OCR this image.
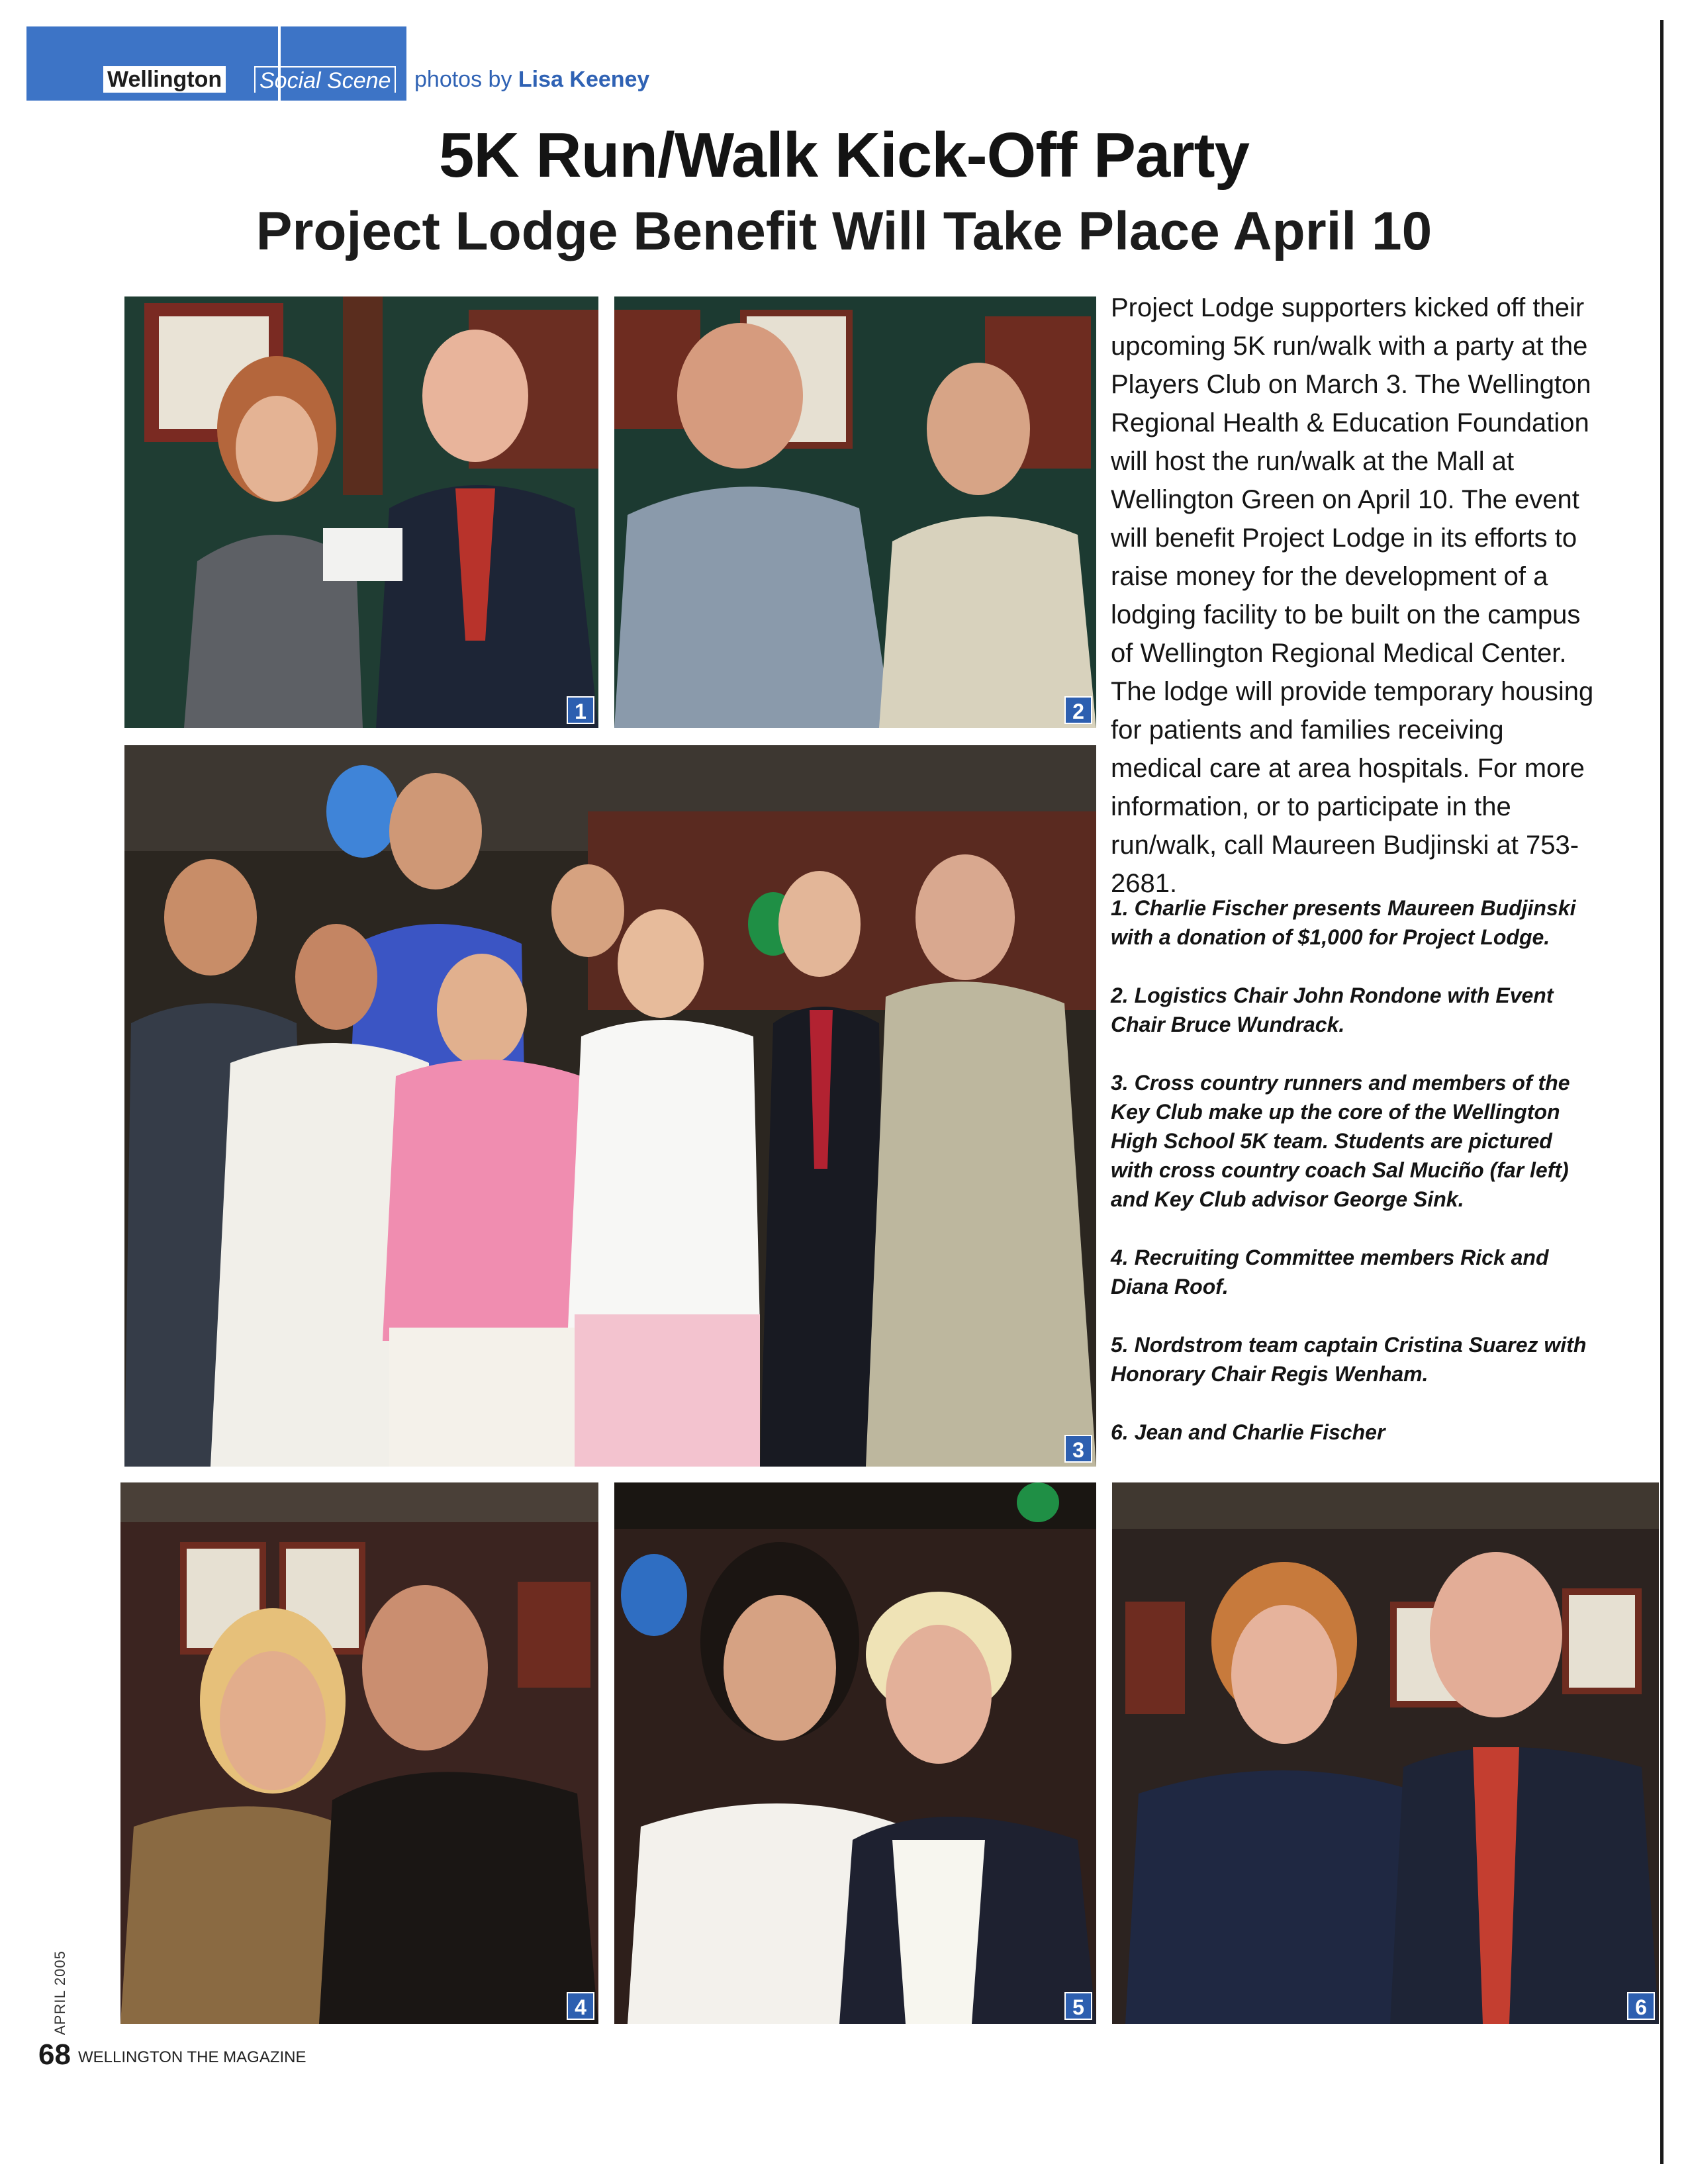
Wellington Social Scene photos by Lisa Keeney
5K Run/Walk Kick-Off Party
Project Lodge Benefit Will Take Place April 10
1	2
3
4	5	6

Project Lodge supporters kicked off their upcoming 5K run/walk with a party at the Players Club on March 3. The Wellington Regional Health & Education Foundation will host the run/walk at the Mall at Wellington Green on April 10. The event will benefit Project Lodge in its efforts to raise money for the development of a lodging facility to be built on the campus of Wellington Regional Medical Center. The lodge will provide temporary housing for patients and families receiving medical care at area hospitals. For more information, or to participate in the run/walk, call Maureen Budjinski at 753-2681.

1. Charlie Fischer presents Maureen Budjinski with a donation of $1,000 for Project Lodge.

2. Logistics Chair John Rondone with Event Chair Bruce Wundrack.

3. Cross country runners and members of the Key Club make up the core of the Wellington High School 5K team. Students are pictured with cross country coach Sal Muciño (far left) and Key Club advisor George Sink.

4. Recruiting Committee members Rick and Diana Roof.

5. Nordstrom team captain Cristina Suarez with Honorary Chair Regis Wenham.

6. Jean and Charlie Fischer

APRIL 2005
68 WELLINGTON THE MAGAZINE
